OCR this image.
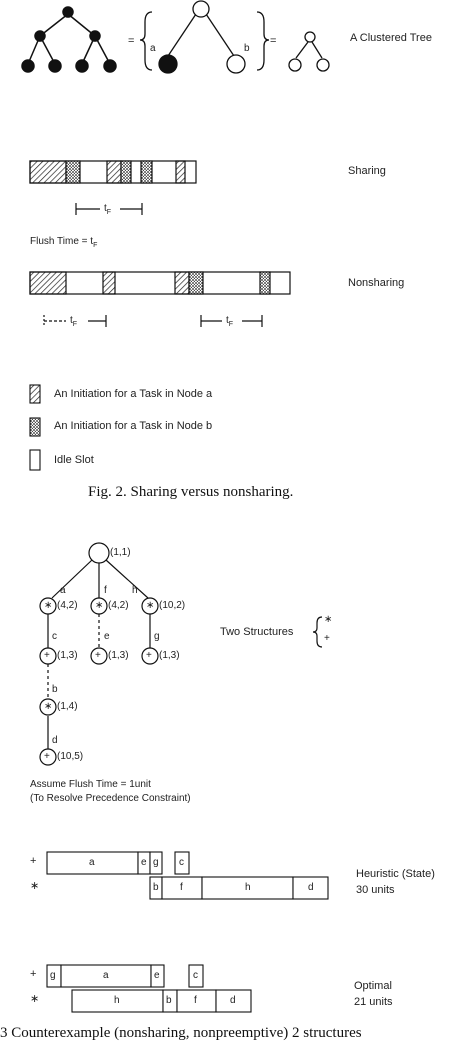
=	=
a	b
A Clustered Tree
Sharing
$t_F$
Flush Time = $t_F$
Nonsharing
$t_F$	$t_F$
An Initiation for a Task in Node a
An Initiation for a Task in Node b
Idle Slot
Fig. 2. Sharing versus nonsharing.
(1,1)
a	f	h
∗	∗	∗
(4,2)	(4,2)	(10,2)
c	e	g
+	+	+
(1,3)	(1,3)	(1,3)
b
∗ (1,4)
d
+ (10,5)
Two Structures
∗
+
Assume Flush Time = 1unit
(To Resolve Precedence Constraint)
+
∗
a	e g c
b f	h	d
Heuristic (State)
30 units
+
∗
g	a	e	c
h	b f	d
Optimal
21 units
3 Counterexample (nonsharing, nonpreemptive) 2 structures
